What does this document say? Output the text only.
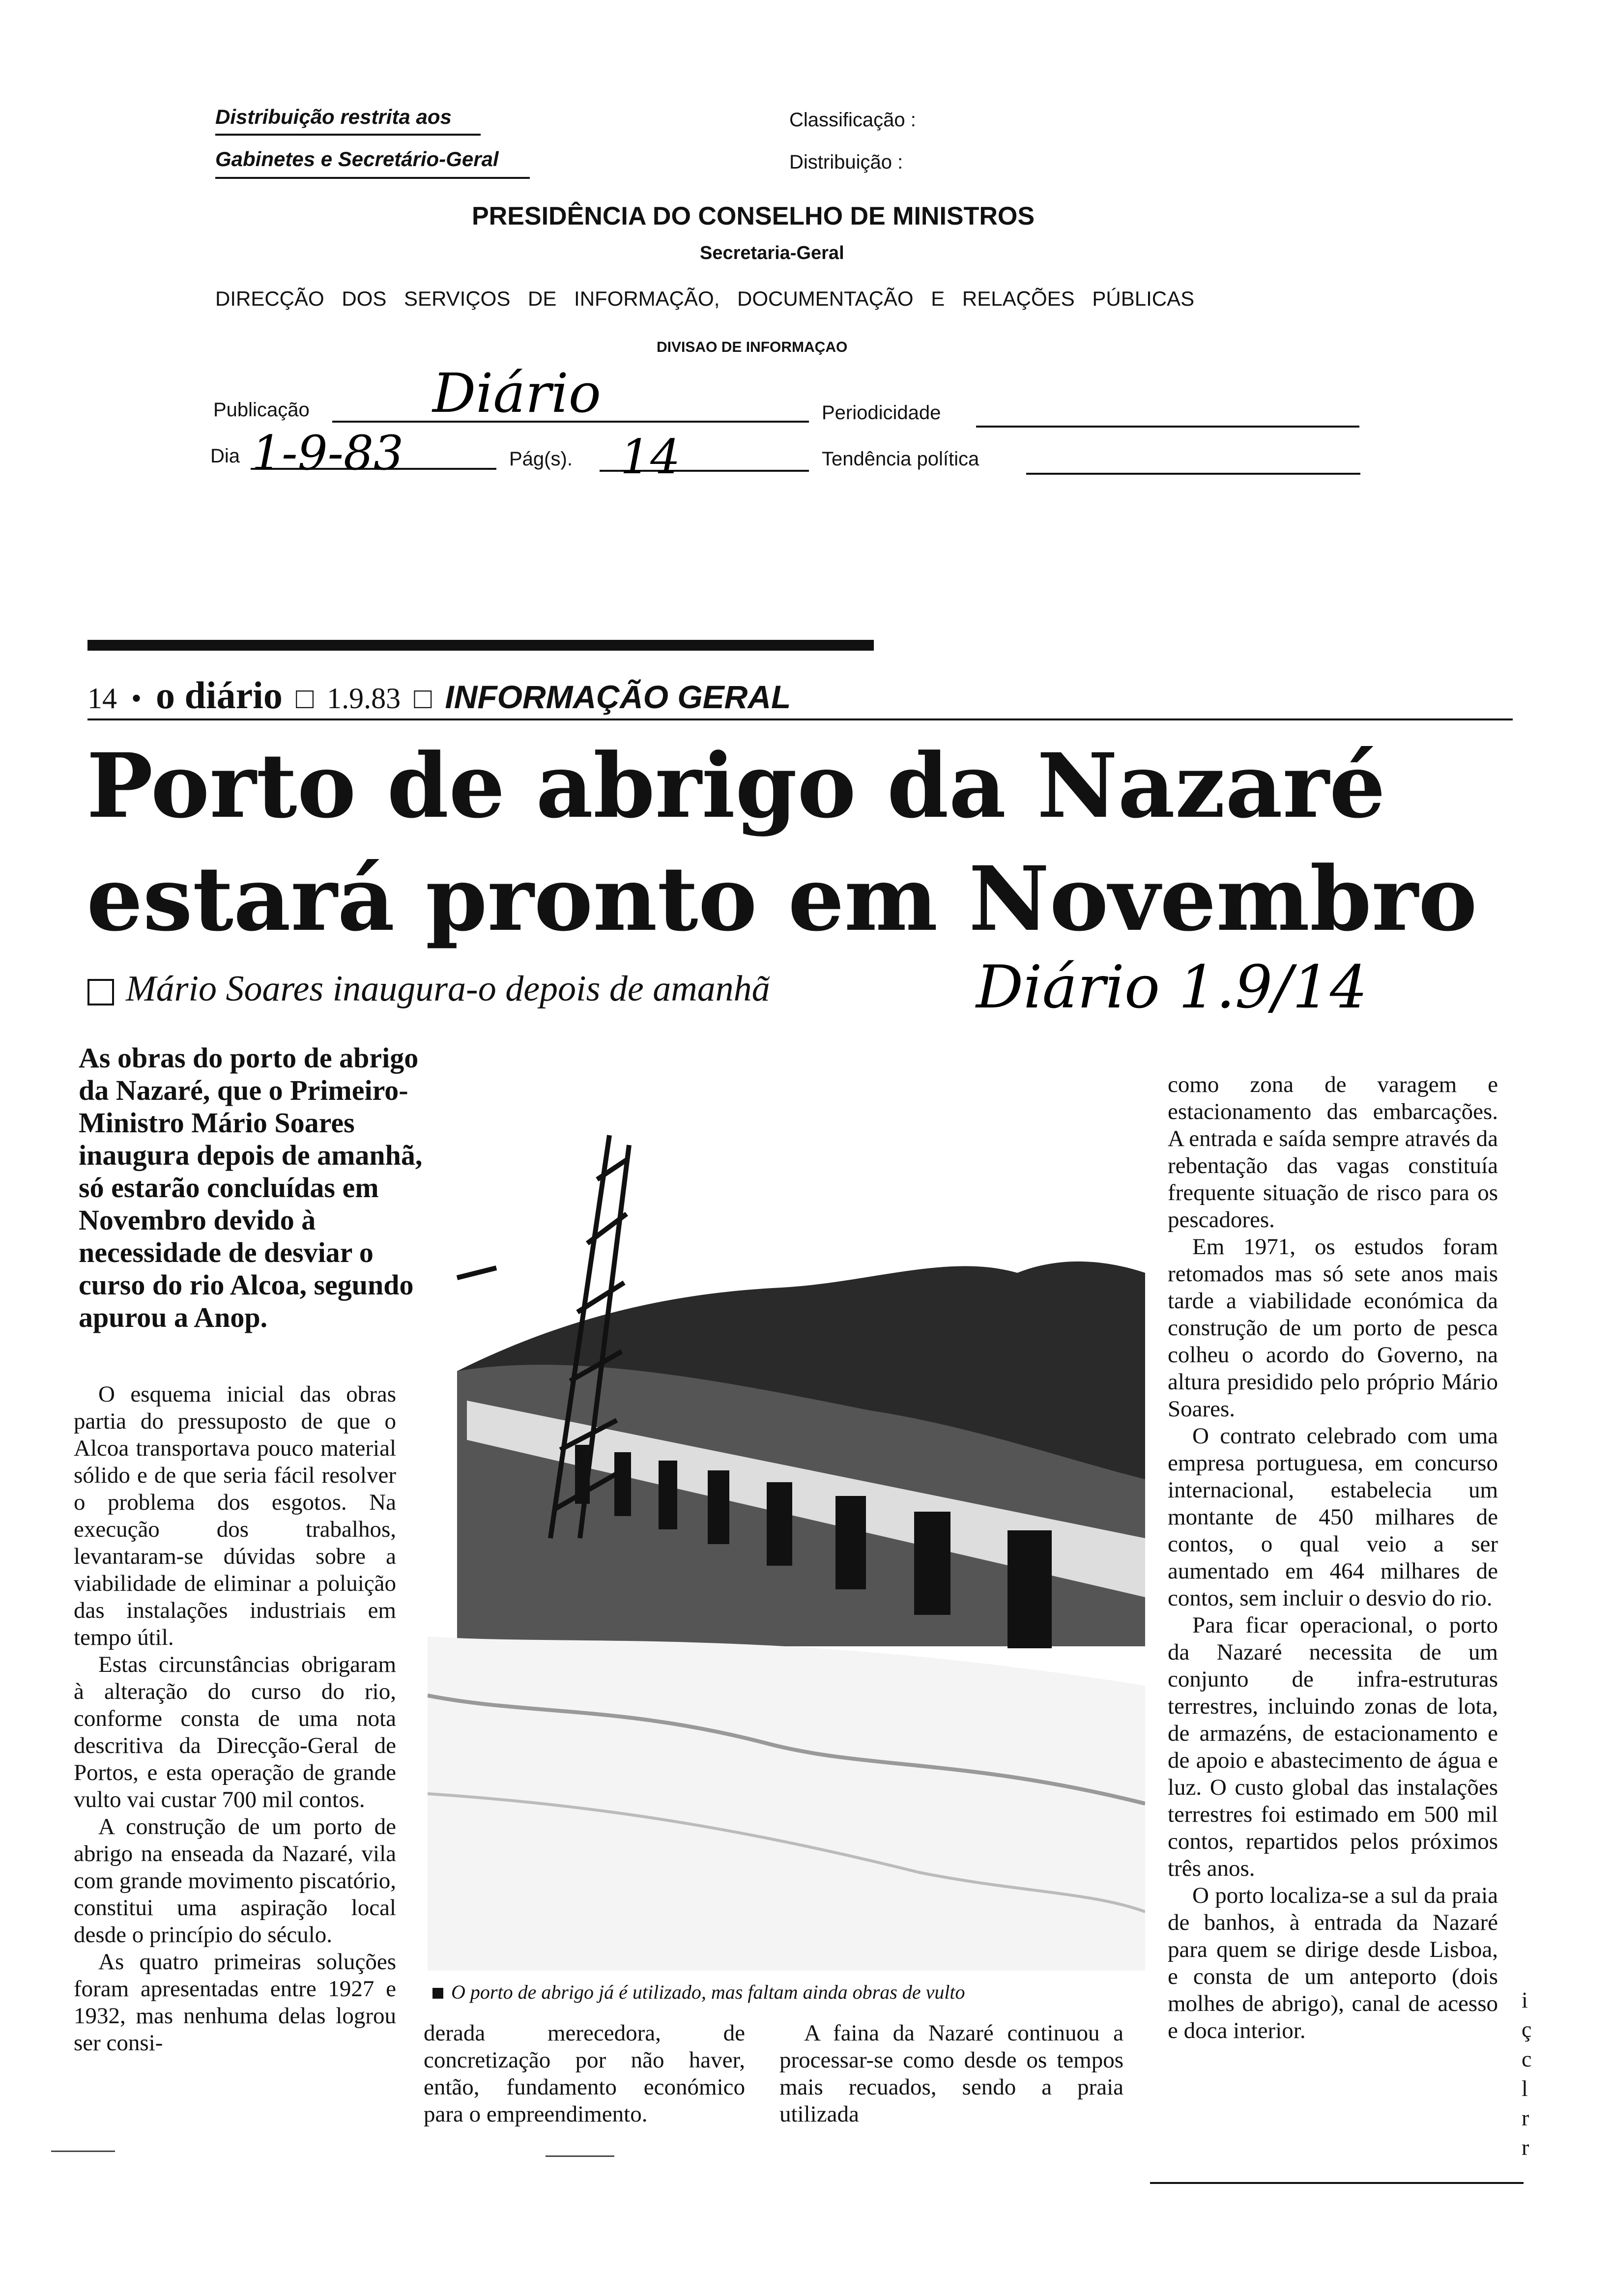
Distribuição restrita aos
Gabinetes e Secretário-Geral
Classificação :
Distribuição :
PRESIDÊNCIA DO CONSELHO DE MINISTROS
Secretaria-Geral
DIRECÇÃO DOS SERVIÇOS DE INFORMAÇÃO, DOCUMENTAÇÃO E RELAÇÕES PÚBLICAS
DIVISAO DE INFORMAÇAO
Publicação Diário	Periodicidade
Dia 1-9-83	Pág(s). 14	Tendência política
14 • o diário □ 1.9.83 □ INFORMAÇÃO GERAL
Porto de abrigo da Nazaré
estará pronto em Novembro
Mário Soares inaugura-o depois de amanhã	Diário 1.9/14
As obras do porto de abrigo da Nazaré, que o Primeiro-Ministro Mário Soares inaugura depois de amanhã, só estarão concluídas em Novembro devido à necessidade de desviar o curso do rio Alcoa, segundo apurou a Anop.

O esquema inicial das obras partia do pressuposto de que o Alcoa transportava pouco material sólido e de que seria fácil resolver o problema dos esgotos. Na execução dos trabalhos, levantaram-se dúvidas sobre a viabilidade de eliminar a poluição das instalações industriais em tempo útil.

Estas circunstâncias obrigaram à alteração do curso do rio, conforme consta de uma nota descritiva da Direcção-Geral de Portos, e esta operação de grande vulto vai custar 700 mil contos.

A construção de um porto de abrigo na enseada da Nazaré, vila com grande movimento piscatório, constitui uma aspiração local desde o princípio do século.

As quatro primeiras soluções foram apresentadas entre 1927 e 1932, mas nenhuma delas logrou ser consi-

O porto de abrigo já é utilizado, mas faltam ainda obras de vulto

derada merecedora, de concretização por não haver, então, fundamento económico para o empreendimento.

A faina da Nazaré continuou a processar-se como desde os tempos mais recuados, sendo a praia utilizada

como zona de varagem e estacionamento das embarcações. A entrada e saída sempre através da rebentação das vagas constituía frequente situação de risco para os pescadores.

Em 1971, os estudos foram retomados mas só sete anos mais tarde a viabilidade económica da construção de um porto de pesca colheu o acordo do Governo, na altura presidido pelo próprio Mário Soares.

O contrato celebrado com uma empresa portuguesa, em concurso internacional, estabelecia um montante de 450 milhares de contos, o qual veio a ser aumentado em 464 milhares de contos, sem incluir o desvio do rio.

Para ficar operacional, o porto da Nazaré necessita de um conjunto de infra-estruturas terrestres, incluindo zonas de lota, de armazéns, de estacionamento e de apoio e abastecimento de água e luz. O custo global das instalações terrestres foi estimado em 500 mil contos, repartidos pelos próximos três anos.

O porto localiza-se a sul da praia de banhos, à entrada da Nazaré para quem se dirige desde Lisboa, e consta de um anteporto (dois molhes de abrigo), canal de acesso e doca interior.

i
ç
c
l
r
r
